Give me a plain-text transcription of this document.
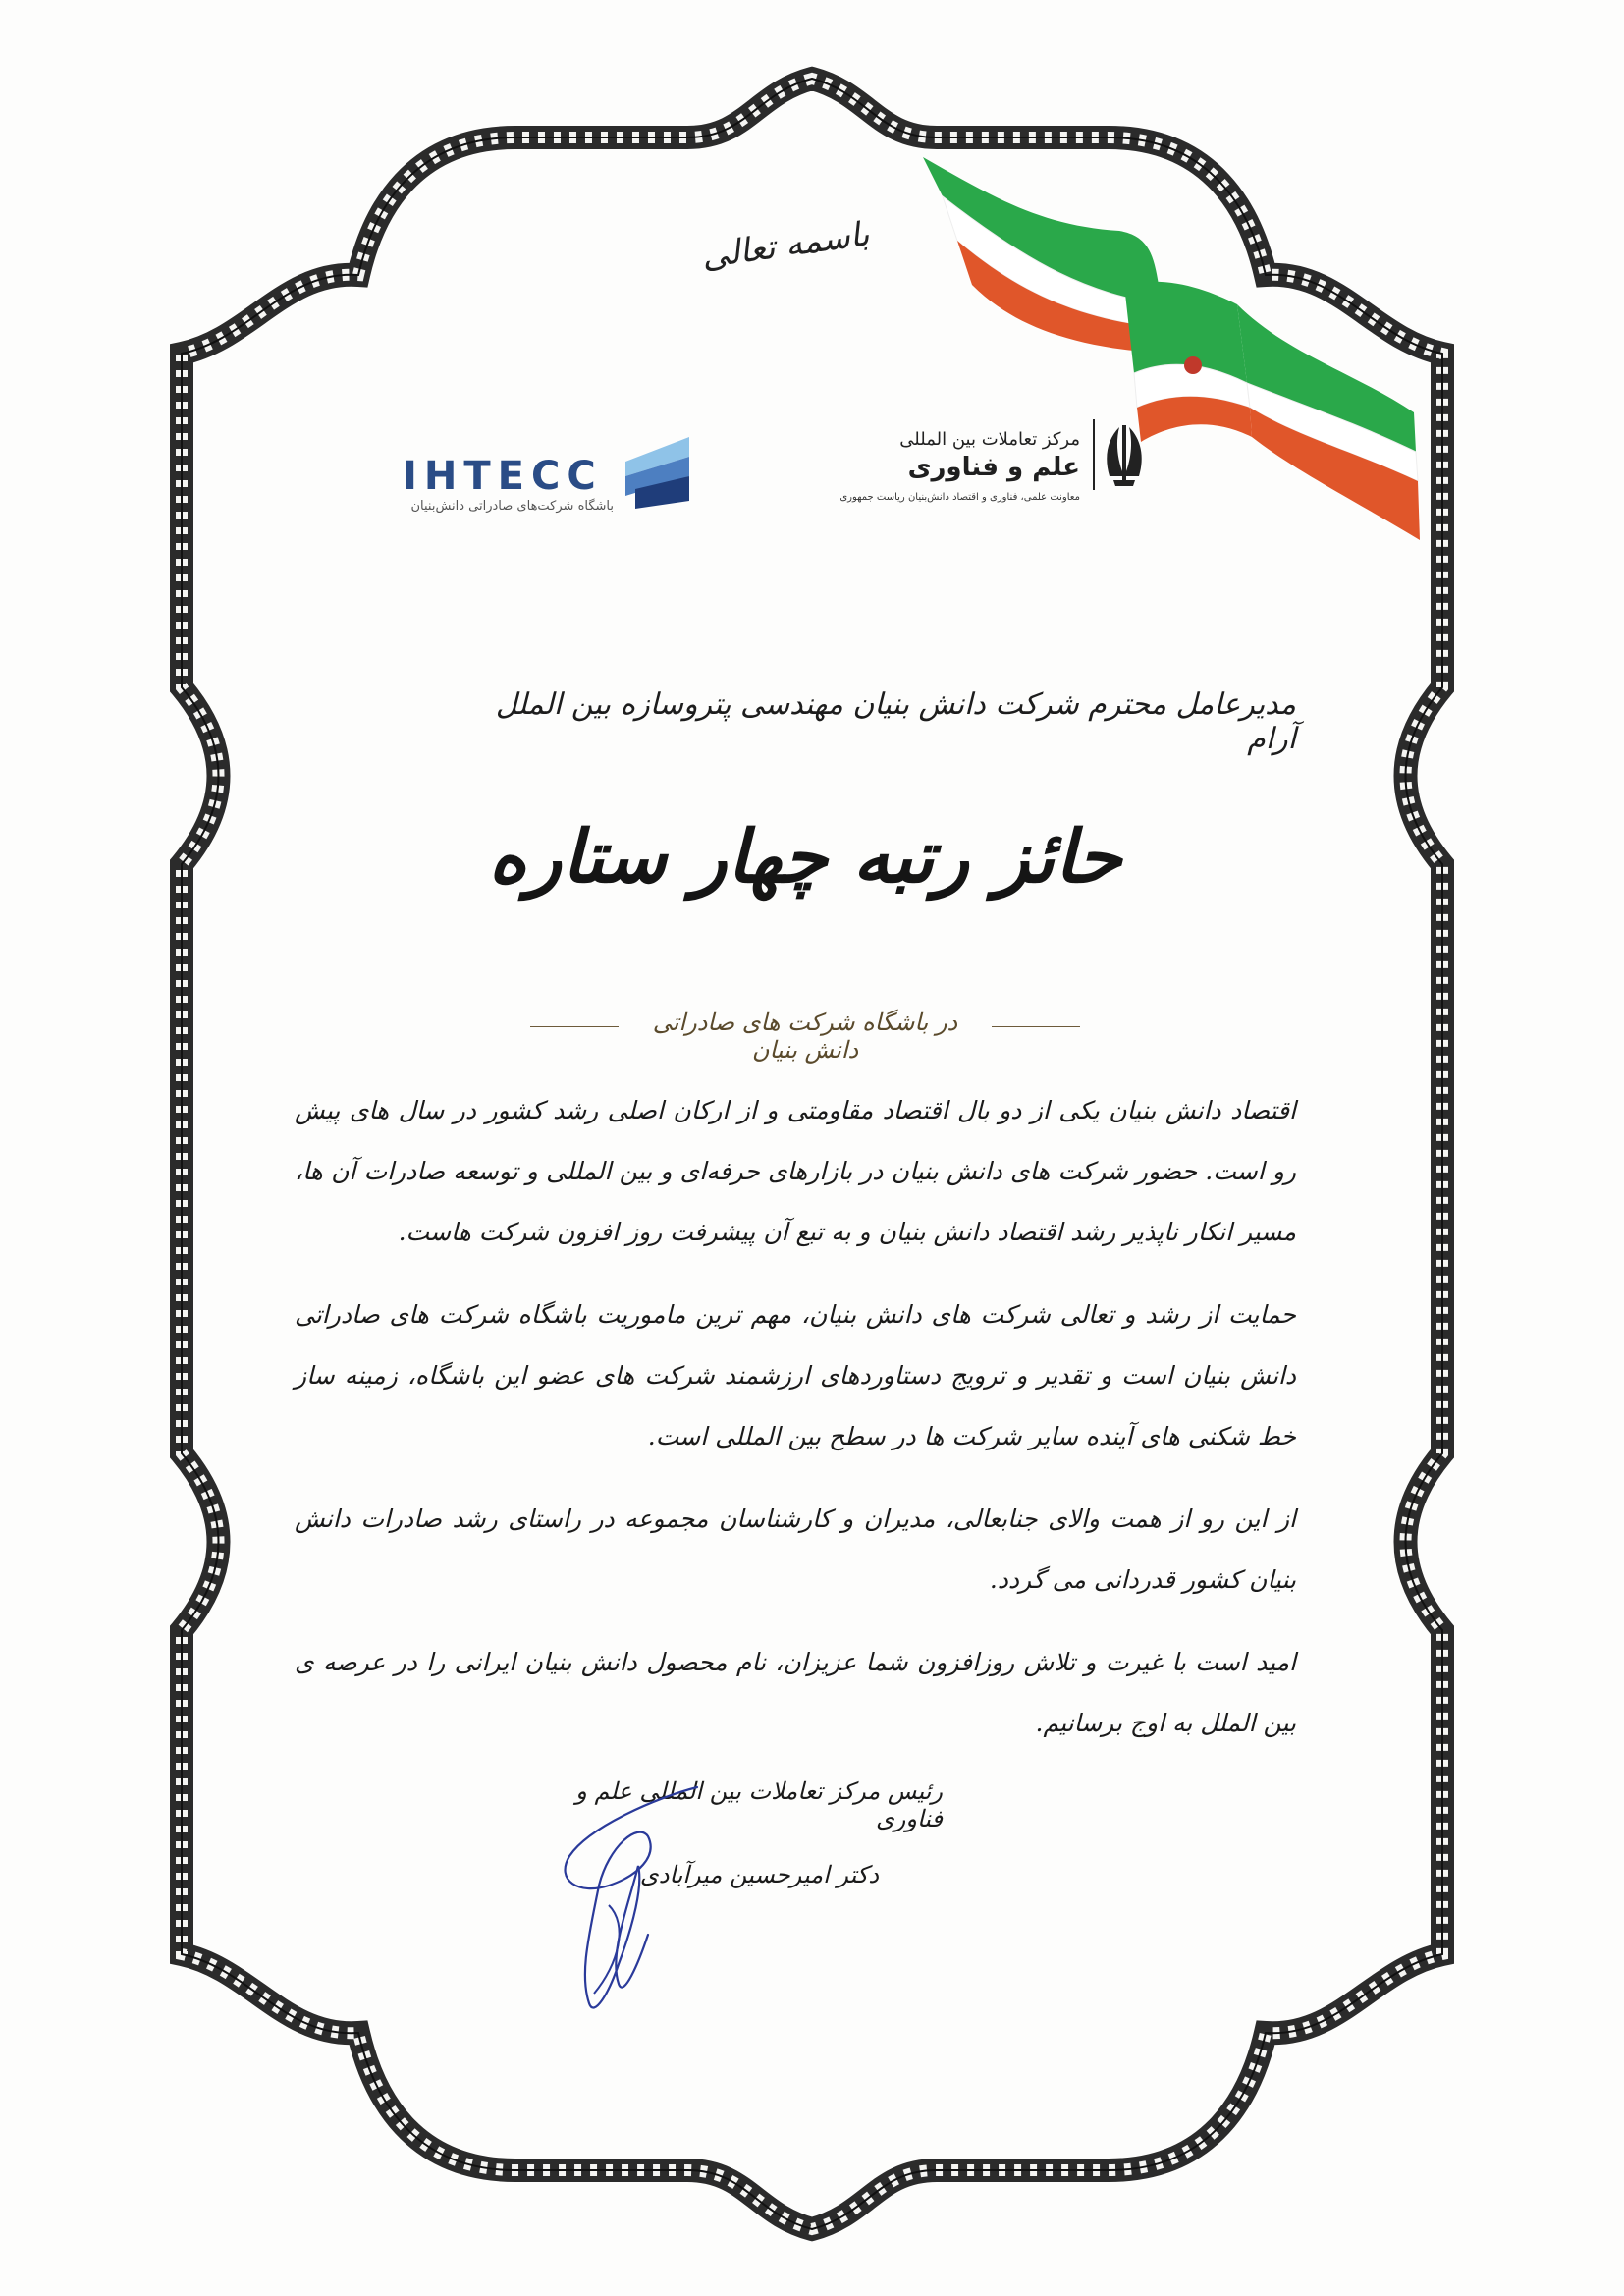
باسمه تعالی
IHTECC
باشگاه شرکت‌های صادراتی دانش‌بنیان
مرکز تعاملات بین المللی
علم و فناوری
معاونت علمی، فناوری و اقتصاد دانش‌بنیان ریاست جمهوری
مدیرعامل محترم شرکت دانش بنیان مهندسی پتروسازه بین الملل آرام
حائز رتبه چهار ستاره
در باشگاه شرکت های صادراتی دانش بنیان

اقتصاد دانش بنیان یکی از دو بال اقتصاد مقاومتی و از ارکان اصلی رشد کشور در سال های پیش رو است. حضور شرکت های دانش بنیان در بازارهای حرفه‌ای و بین المللی و توسعه صادرات آن ها، مسیر انکار ناپذیر رشد اقتصاد دانش بنیان و به تبع آن پیشرفت روز افزون شرکت هاست.

حمایت از رشد و تعالی شرکت های دانش بنیان، مهم ترین ماموریت باشگاه شرکت های صادراتی دانش بنیان است و تقدیر و ترویج دستاوردهای ارزشمند شرکت های عضو این باشگاه، زمینه ساز خط شکنی های آینده سایر شرکت ها در سطح بین المللی است.

از این رو از همت والای جنابعالی، مدیران و کارشناسان مجموعه در راستای رشد صادرات دانش بنیان کشور قدردانی می گردد.

امید است با غیرت و تلاش روزافزون شما عزیزان، نام محصول دانش بنیان ایرانی را در عرصه ی بین الملل به اوج برسانیم.

رئیس مرکز تعاملات بین المللی علم و فناوری
دکتر امیرحسین میرآبادی
